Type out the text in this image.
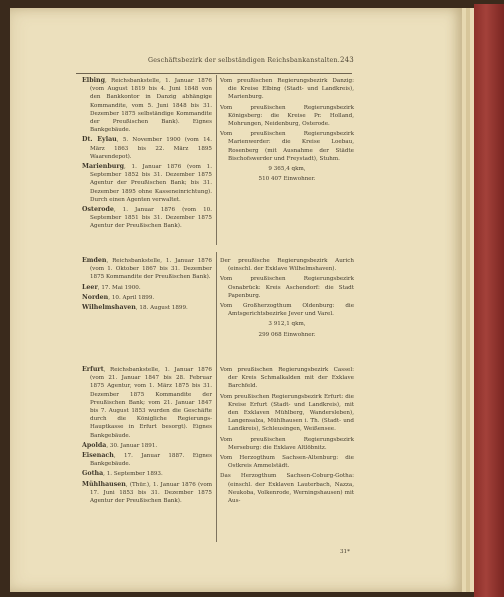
Geschäftsbezirk der selbständigen Reichsbankanstalten. 243

Elbing, Reichsbankstelle, 1. Januar 1876 (vom August 1819 bis 4. Juni 1848 von den Bankkontor in Danzig abhängige Kommandite, vom 5. Juni 1848 bis 31. Dezember 1875 selbständige Kommandite der Preußischen Bank). Eignes Bankgebäude.

Dt. Eylau, 5. November 1900 (vom 14. März 1863 bis 22. März 1895 Waarendepot).

Marienburg, 1. Januar 1876 (vom 1. September 1852 bis 31. Dezember 1875 Agentur der Preußischen Bank; bis 31. Dezember 1895 ohne Kasseneinrichtung). Durch einen Agenten verwaltet.

Osterode, 1. Januar 1876 (vom 10. September 1851 bis 31. Dezember 1875 Agentur der Preußischen Bank).

Vom preußischen Regierungsbezirk Danzig: die Kreise Elbing (Stadt- und Landkreis), Marienburg.

Vom preußischen Regierungsbezirk Königsberg: die Kreise Pr. Holland, Mohrungen, Neidenburg, Osterode.

Vom preußischen Regierungsbezirk Marienwerder: die Kreise Loebau, Rosenberg (mit Ausnahme der Städte Bischofswerder und Freystadt), Stuhm.

9 365,4 qkm,

510 407 Einwohner.

Emden, Reichsbankstelle, 1. Januar 1876 (vom 1. Oktober 1867 bis 31. Dezember 1875 Kommandite der Preußischen Bank).

Leer, 17. Mai 1900.

Norden, 10. April 1899.

Wilhelmshaven, 18. August 1899.

Der preußische Regierungsbezirk Aurich (einschl. der Exklave Wilhelmshaven).

Vom preußischen Regierungsbezirk Osnabrück: Kreis Aschendorf: die Stadt Papenburg.

Vom Großherzogthum Oldenburg: die Amtsgerichtsbezirke Jever und Varel.

3 912,1 qkm,

299 068 Einwohner.

Erfurt, Reichsbankstelle, 1. Januar 1876 (vom 21. Januar 1847 bis 28. Februar 1875 Agentur, vom 1. März 1875 bis 31. Dezember 1875 Kommandite der Preußischen Bank; vom 21. Januar 1847 bis 7. August 1853 wurden die Geschäfte durch die Königliche Regierungs-Hauptkasse in Erfurt besorgt). Eignes Bankgebäude.

Apolda, 30. Januar 1891.

Eisenach, 17. Januar 1887. Eignes Bankgebäude.

Gotha, 1. September 1893.

Mühlhausen, (Thür.), 1. Januar 1876 (vom 17. Juni 1853 bis 31. Dezember 1875 Agentur der Preußischen Bank).

Vom preußischen Regierungsbezirk Cassel: der Kreis Schmalkalden mit der Exklave Barchfeld.

Vom preußischen Regierungsbezirk Erfurt: die Kreise Erfurt (Stadt- und Landkreis), mit den Exklaven Mühlberg, Wandersleben), Langensalza, Mühlhausen i. Th. (Stadt- und Landkreis), Schleusingen, Weißensee.

Vom preußischen Regierungsbezirk Merseburg: die Exklave Altlöbnitz.

Vom Herzogthum Sachsen-Altenburg: die Ostkreis Ammelstädt.

Das Herzogthum Sachsen-Coburg-Gotha: (einschl. der Exklaven Lauterbach, Nazza, Neukoba, Volkenrode, Werningshausen) mit Aus-

31*
